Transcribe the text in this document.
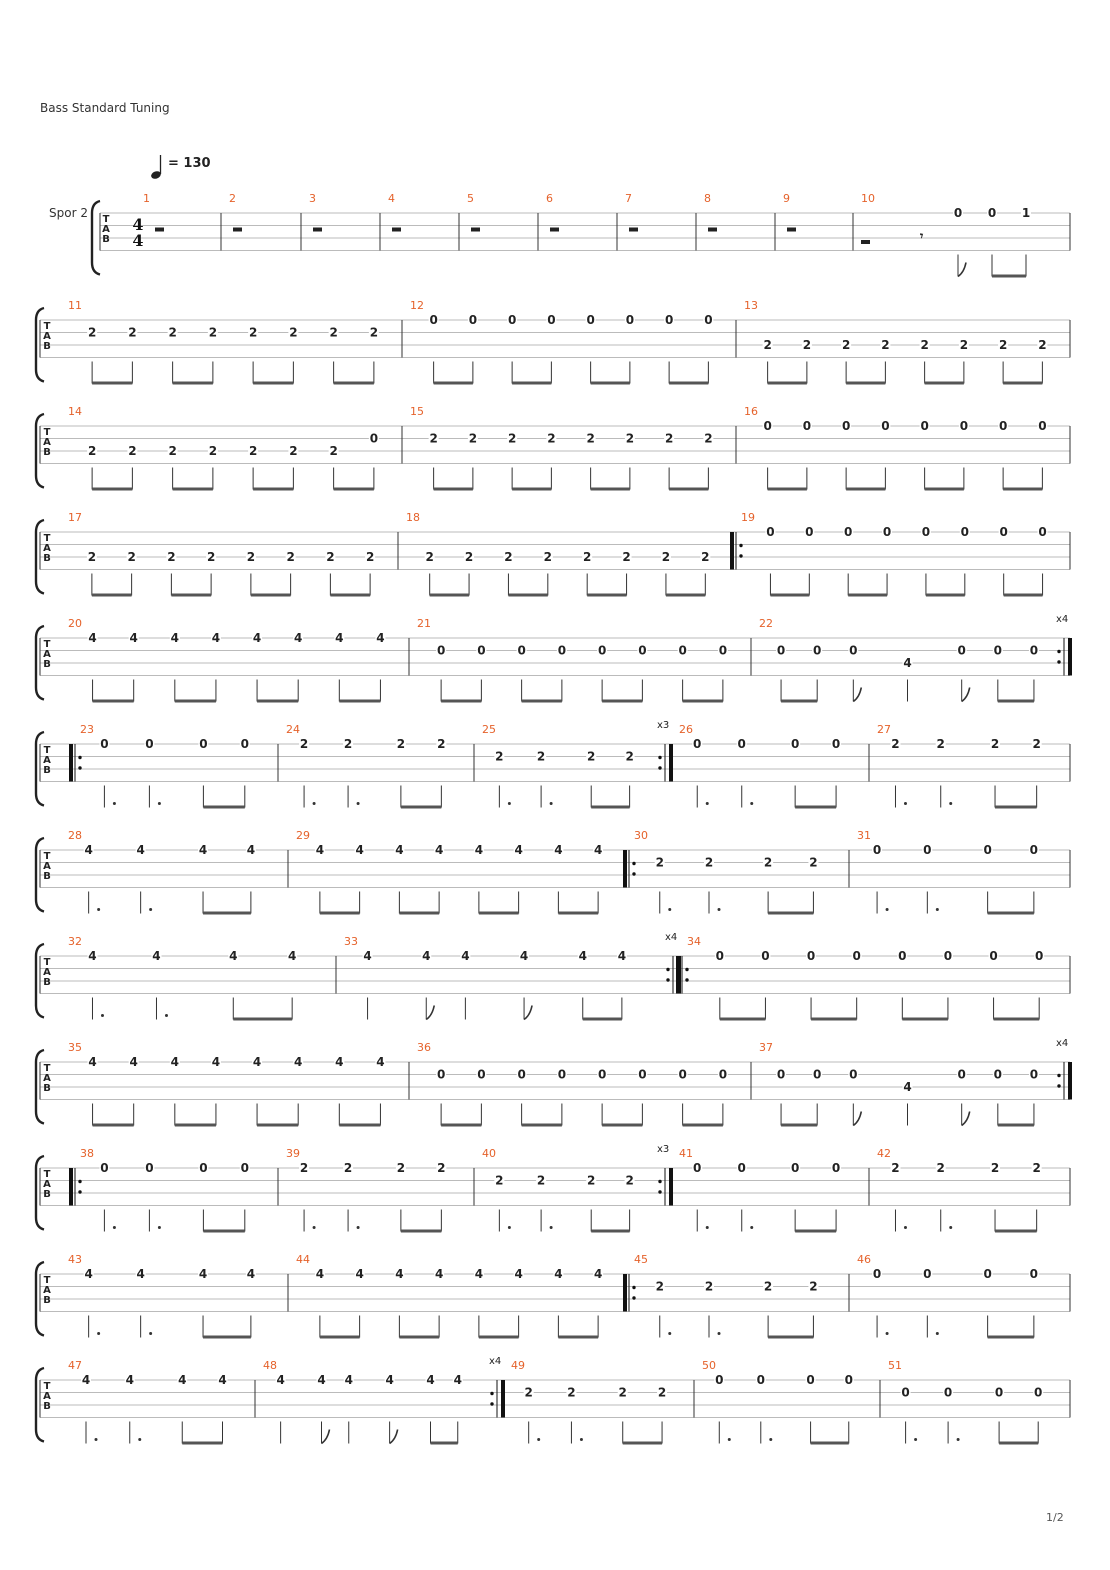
Bass Standard Tuning
= 130
Spor 2
1/2
T
A
B
4
4
1	2	3	4	5	6	7	8	9	10
𝄾
0 0 1
T
A
B
11
2	2	2	2	2	2	2	2
12
0	0	0	0	0	0	0	0
13
2	2	2	2	2	2	2	2
T
A
B
14
2	2	2	2	2	2	2
0
15
2	2	2	2	2	2	2	2
16
0	0	0	0	0	0	0	0
T
A
B
17
2	2	2	2	2	2	2	2
18
2	2	2	2	2	2	2	2
19
0	0	0	0	0	0	0	0
T
A
B
20
4	4	4	4	4	4	4	4
21
0	0	0	0	0	0	0	0
22	x4
0 0 0
4
0 0 0
T
A
B
23
0	0	0	0
24
2	2	2	2
25	x3
2	2	2	2
26
0	0	0	0
27
2	2	2	2
T
A
B
28
4	4	4	4
29
4	4	4	4	4	4	4	4
30
2	2	2	2
31
0	0	0	0
T
A
B
32
4	4	4	4
33	x4
4	4	4	4	4	4
34
0	0	0	0	0	0	0	0
T
A
B
35
4	4	4	4	4	4	4	4
36
0	0	0	0	0	0	0	0
37	x4
0 0 0
4
0 0 0
T
A
B
38
0	0	0	0
39
2	2	2	2
40	x3
2	2	2	2
41
0	0	0	0
42
2	2	2	2
T
A
B
43
4	4	4	4
44
4	4	4	4	4	4	4	4
45
2	2	2	2
46
0	0	0	0
T
A
B
47
4	4	4	4
48	x4
4	4 4	4	4 4
49
2	2	2	2
50
0	0	0 0
51
0	0	0	0
